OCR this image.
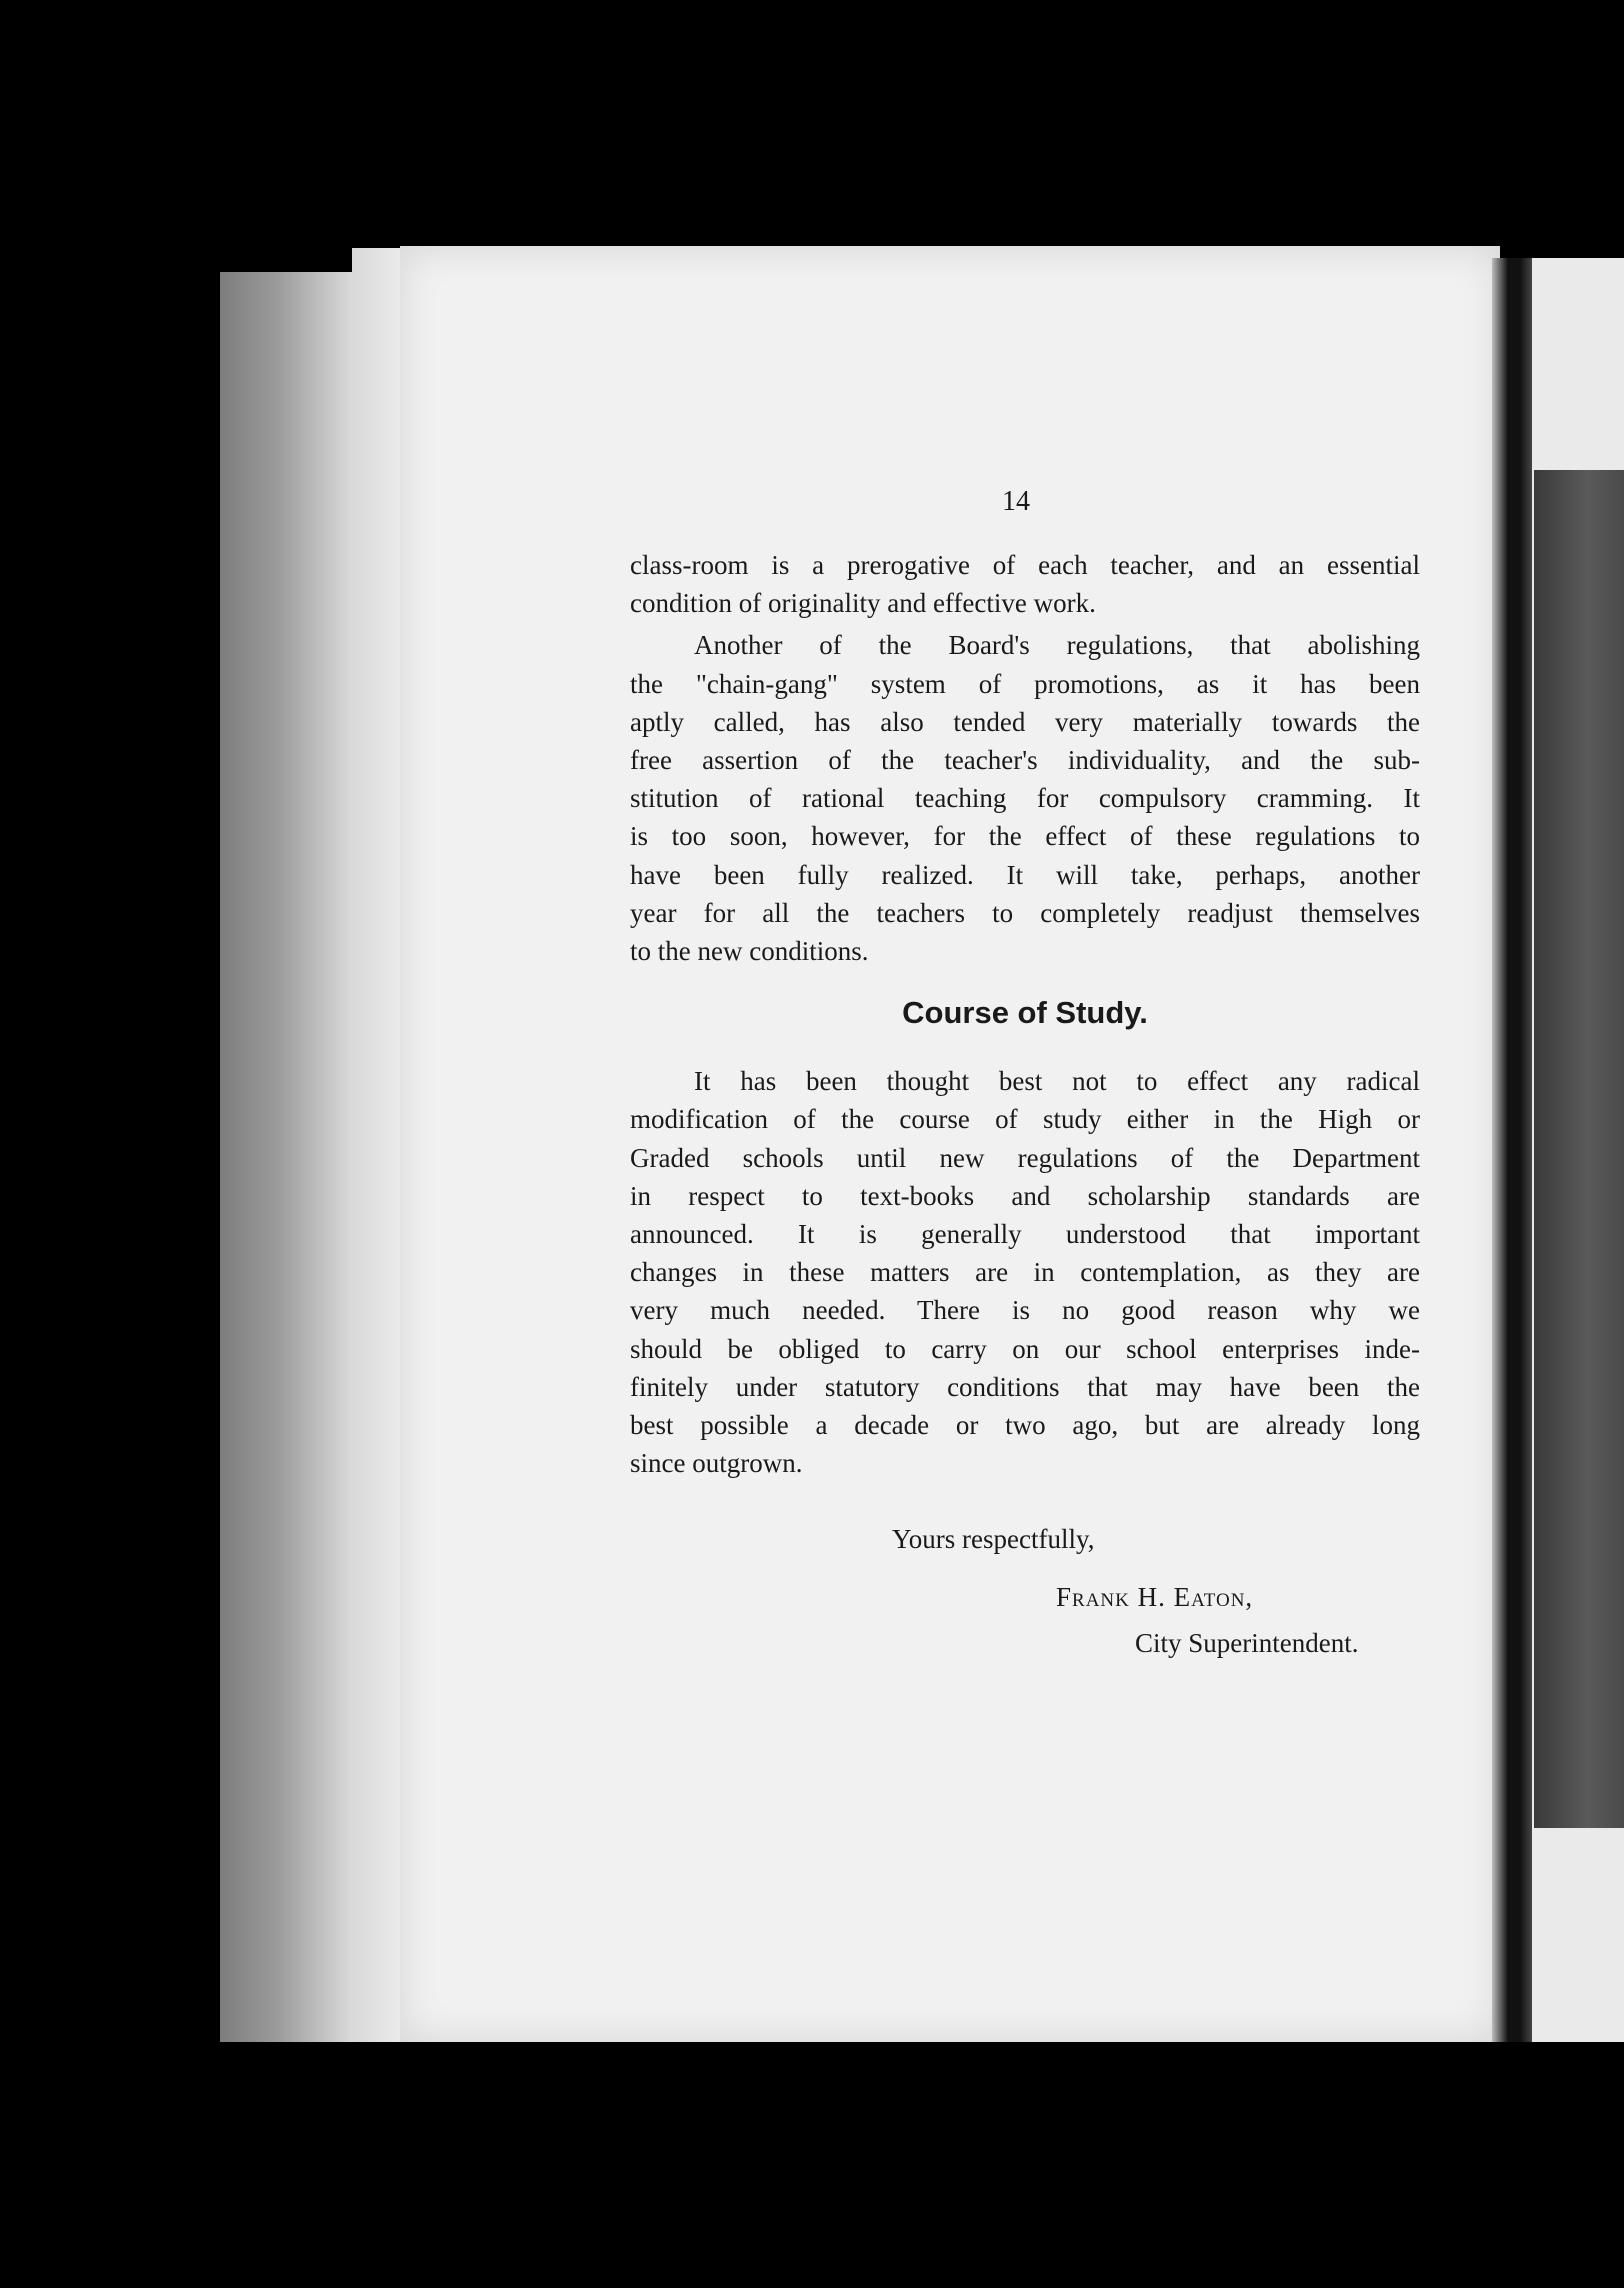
14

class-room is a prerogative of each teacher, and an essential
condition of originality and effective work.

Another of the Board's regulations, that abolishing
the "chain-gang" system of promotions, as it has been
aptly called, has also tended very materially towards the
free assertion of the teacher's individuality, and the sub-
stitution of rational teaching for compulsory cramming. It
is too soon, however, for the effect of these regulations to
have been fully realized. It will take, perhaps, another
year for all the teachers to completely readjust themselves
to the new conditions.

Course of Study.

It has been thought best not to effect any radical
modification of the course of study either in the High or
Graded schools until new regulations of the Department
in respect to text-books and scholarship standards are
announced. It is generally understood that important
changes in these matters are in contemplation, as they are
very much needed. There is no good reason why we
should be obliged to carry on our school enterprises inde-
finitely under statutory conditions that may have been the
best possible a decade or two ago, but are already long
since outgrown.

Yours respectfully,
Frank H. Eaton,
City Superintendent.
